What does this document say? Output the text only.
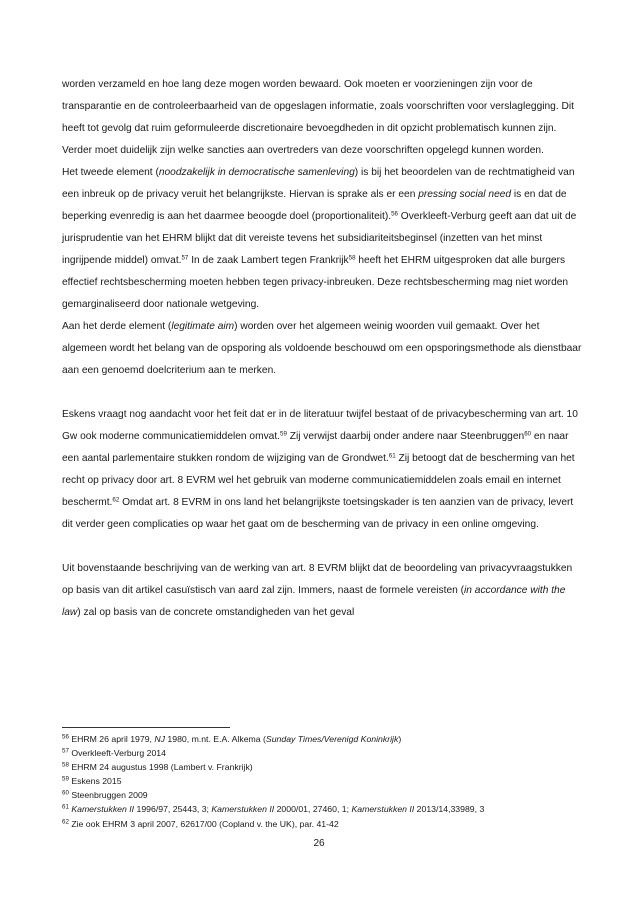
worden verzameld en hoe lang deze mogen worden bewaard. Ook moeten er voorzieningen zijn voor de transparantie en de controleerbaarheid van de opgeslagen informatie, zoals voorschriften voor verslaglegging. Dit heeft tot gevolg dat ruim geformuleerde discretionaire bevoegdheden in dit opzicht problematisch kunnen zijn. Verder moet duidelijk zijn welke sancties aan overtreders van deze voorschriften opgelegd kunnen worden.

Het tweede element (noodzakelijk in democratische samenleving) is bij het beoordelen van de rechtmatigheid van een inbreuk op de privacy veruit het belangrijkste. Hiervan is sprake als er een pressing social need is en dat de beperking evenredig is aan het daarmee beoogde doel (proportionaliteit).$^{56}$ Overkleeft-Verburg geeft aan dat uit de jurisprudentie van het EHRM blijkt dat dit vereiste tevens het subsidiariteitsbeginsel (inzetten van het minst ingrijpende middel) omvat.$^{57}$ In de zaak Lambert tegen Frankrijk$^{58}$ heeft het EHRM uitgesproken dat alle burgers effectief rechtsbescherming moeten hebben tegen privacy-inbreuken. Deze rechtsbescherming mag niet worden gemarginaliseerd door nationale wetgeving.

Aan het derde element (legitimate aim) worden over het algemeen weinig woorden vuil gemaakt. Over het algemeen wordt het belang van de opsporing als voldoende beschouwd om een opsporingsmethode als dienstbaar aan een genoemd doelcriterium aan te merken.

Eskens vraagt nog aandacht voor het feit dat er in de literatuur twijfel bestaat of de privacybescherming van art. 10 Gw ook moderne communicatiemiddelen omvat.$^{59}$ Zij verwijst daarbij onder andere naar Steenbruggen$^{60}$ en naar een aantal parlementaire stukken rondom de wijziging van de Grondwet.$^{61}$ Zij betoogt dat de bescherming van het recht op privacy door art. 8 EVRM wel het gebruik van moderne communicatiemiddelen zoals email en internet beschermt.$^{62}$ Omdat art. 8 EVRM in ons land het belangrijkste toetsingskader is ten aanzien van de privacy, levert dit verder geen complicaties op waar het gaat om de bescherming van de privacy in een online omgeving.

Uit bovenstaande beschrijving van de werking van art. 8 EVRM blijkt dat de beoordeling van privacyvraagstukken op basis van dit artikel casuïstisch van aard zal zijn. Immers, naast de formele vereisten (in accordance with the law) zal op basis van de concrete omstandigheden van het geval

$^{56}$ EHRM 26 april 1979, NJ 1980, m.nt. E.A. Alkema (Sunday Times/Verenigd Koninkrijk)

$^{57}$ Overkleeft-Verburg 2014

$^{58}$ EHRM 24 augustus 1998 (Lambert v. Frankrijk)

$^{59}$ Eskens 2015

$^{60}$ Steenbruggen 2009

$^{61}$ Kamerstukken II 1996/97, 25443, 3; Kamerstukken II 2000/01, 27460, 1; Kamerstukken II 2013/14,33989, 3

$^{62}$ Zie ook EHRM 3 april 2007, 62617/00 (Copland v. the UK), par. 41-42

26
